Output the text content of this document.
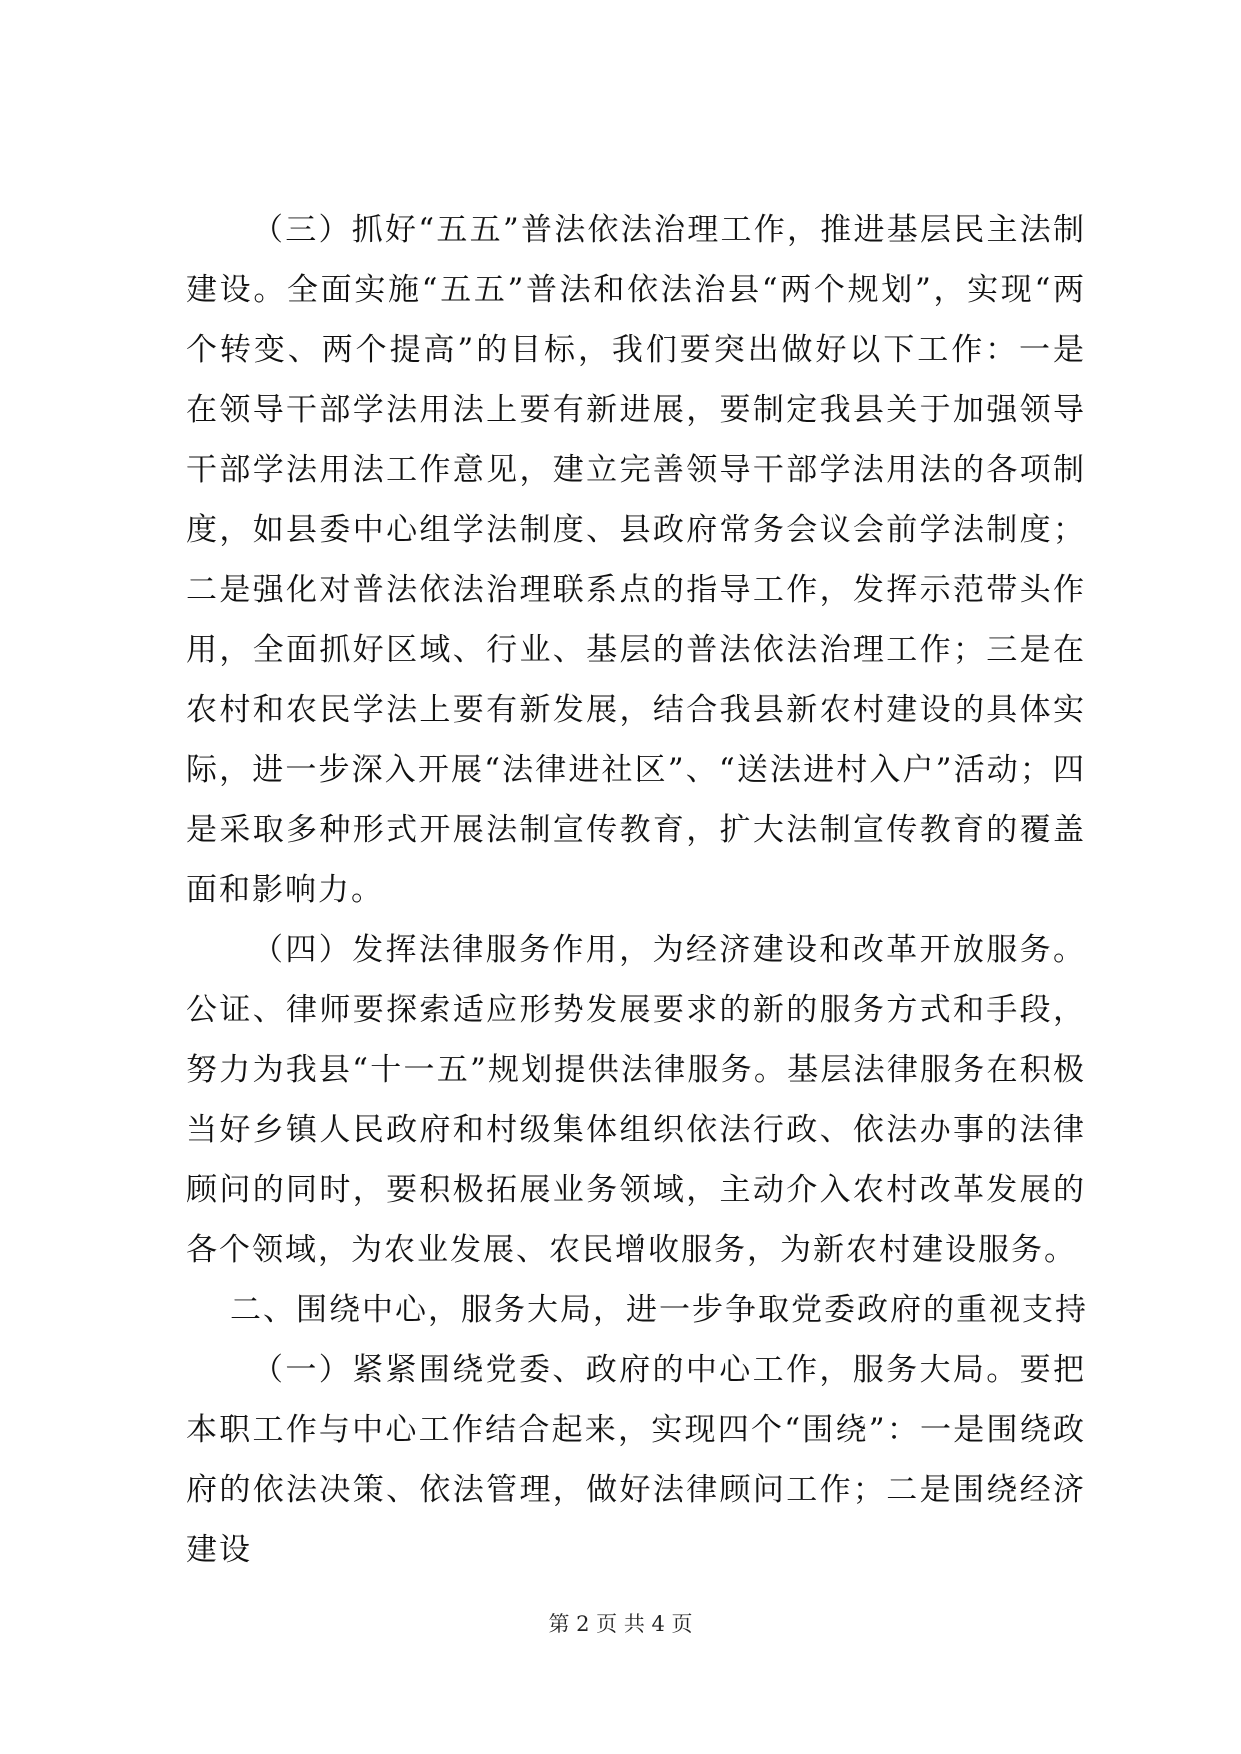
（三）抓好“五五”普法依法治理工作，推进基层民主法制建设。全面实施“五五”普法和依法治县“两个规划”，实现“两个转变、两个提高”的目标，我们要突出做好以下工作：一是在领导干部学法用法上要有新进展，要制定我县关于加强领导干部学法用法工作意见，建立完善领导干部学法用法的各项制度，如县委中心组学法制度、县政府常务会议会前学法制度；二是强化对普法依法治理联系点的指导工作，发挥示范带头作用，全面抓好区域、行业、基层的普法依法治理工作；三是在农村和农民学法上要有新发展，结合我县新农村建设的具体实际，进一步深入开展“法律进社区”、“送法进村入户”活动；四是采取多种形式开展法制宣传教育，扩大法制宣传教育的覆盖面和影响力。

（四）发挥法律服务作用，为经济建设和改革开放服务。公证、律师要探索适应形势发展要求的新的服务方式和手段，努力为我县“十一五”规划提供法律服务。基层法律服务在积极当好乡镇人民政府和村级集体组织依法行政、依法办事的法律顾问的同时，要积极拓展业务领域，主动介入农村改革发展的各个领域，为农业发展、农民增收服务，为新农村建设服务。

二、围绕中心，服务大局，进一步争取党委政府的重视支持

（一）紧紧围绕党委、政府的中心工作，服务大局。要把本职工作与中心工作结合起来，实现四个“围绕”：一是围绕政府的依法决策、依法管理，做好法律顾问工作；二是围绕经济建设

第 2 页 共 4 页
